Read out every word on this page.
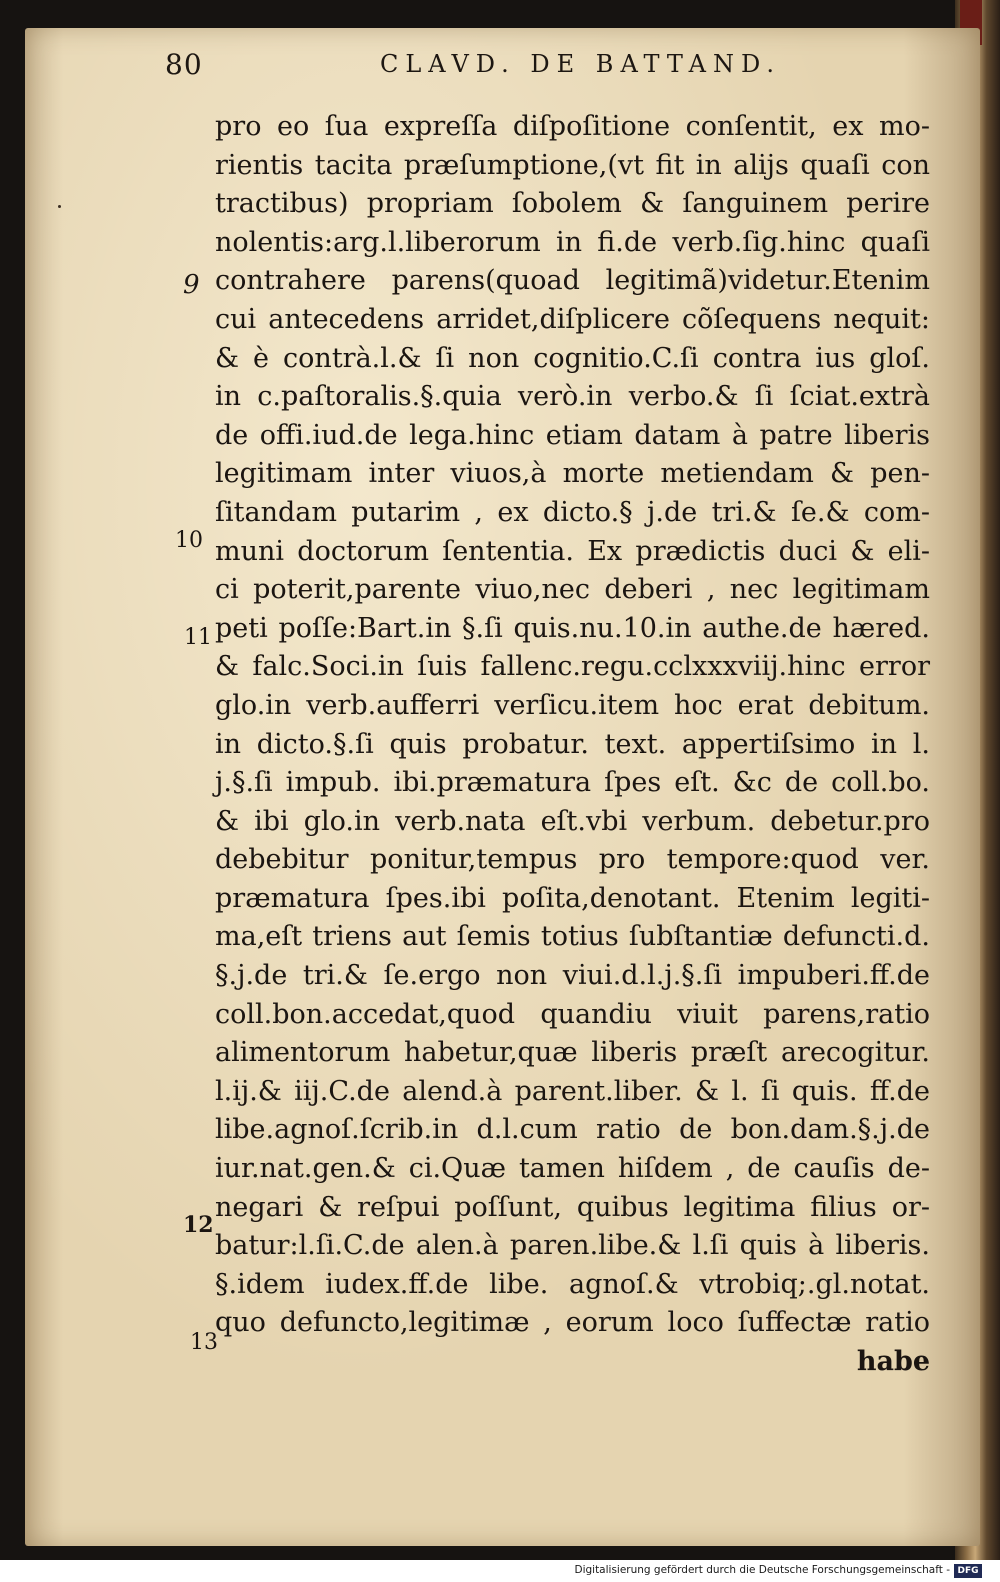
80	CLAVD. DE BATTAND.
9
10
11
12
13
pro eo ſua expreſſa diſpoſitione conſentit, ex mo-
rientis tacita præſumptione,(vt fit in aliјs quaſi con
tractibus) propriam ſobolem & ſanguinem perire
nolentis:arg.l.liberorum in fi.de verb.ſig.hinc quaſi
contrahere parens(quoad legitimã)videtur.Etenim
cui antecedens arridet,diſplicere cõſequens nequit:
& è contrà.l.& ſi non cognitio.C.ſi contra ius gloſ.
in c.paſtoralis.§.quia verò.in verbo.& ſi ſciat.extrà
de offi.iud.de lega.hinc etiam datam à patre liberis
legitimam inter viuos,à morte metiendam & pen-
ſitandam putarim , ex dicto.§ j.de tri.& ſe.& com-
muni doctorum ſententia. Ex prædictis duci & eli-
ci poterit,parente viuo,nec deberi , nec legitimam
peti poſſe:Bart.in §.ſi quis.nu.10.in authe.de hæred.
& falc.Soci.in ſuis fallenc.regu.cclxxxviij.hinc error
glo.in verb.aufferri verſicu.item hoc erat debitum.
in dicto.§.ſi quis probatur. text. appertiſsimo in l.
j.§.ſi impub. ibi.præmatura ſpes eſt. &c de coll.bo.
& ibi glo.in verb.nata eſt.vbi verbum. debetur.pro
debebitur ponitur,tempus pro tempore:quod ver.
præmatura ſpes.ibi poſita,denotant. Etenim legiti-
ma,eſt triens aut ſemis totius ſubſtantiæ defuncti.d.
§.j.de tri.& ſe.ergo non viui.d.l.j.§.ſi impuberi.ff.de
coll.bon.accedat,quod quandiu viuit parens,ratio
alimentorum habetur,quæ liberis præſt arecogitur.
l.ij.& iij.C.de alend.à parent.liber. & l. ſi quis. ff.de
libe.agnoſ.ſcrib.in d.l.cum ratio de bon.dam.§.j.de
iur.nat.gen.& ci.Quæ tamen hiſdem , de cauſis de-
negari & reſpui poſſunt, quibus legitima filius or-
batur:l.ſi.C.de alen.à paren.libe.& l.ſi quis à liberis.
§.idem iudex.ff.de libe. agnoſ.& vtrobiq;.gl.notat.
quo defuncto,legitimæ , eorum loco ſuffectæ ratio
habe
Digitalisierung gefördert durch die Deutsche Forschungsgemeinschaft - DFG
